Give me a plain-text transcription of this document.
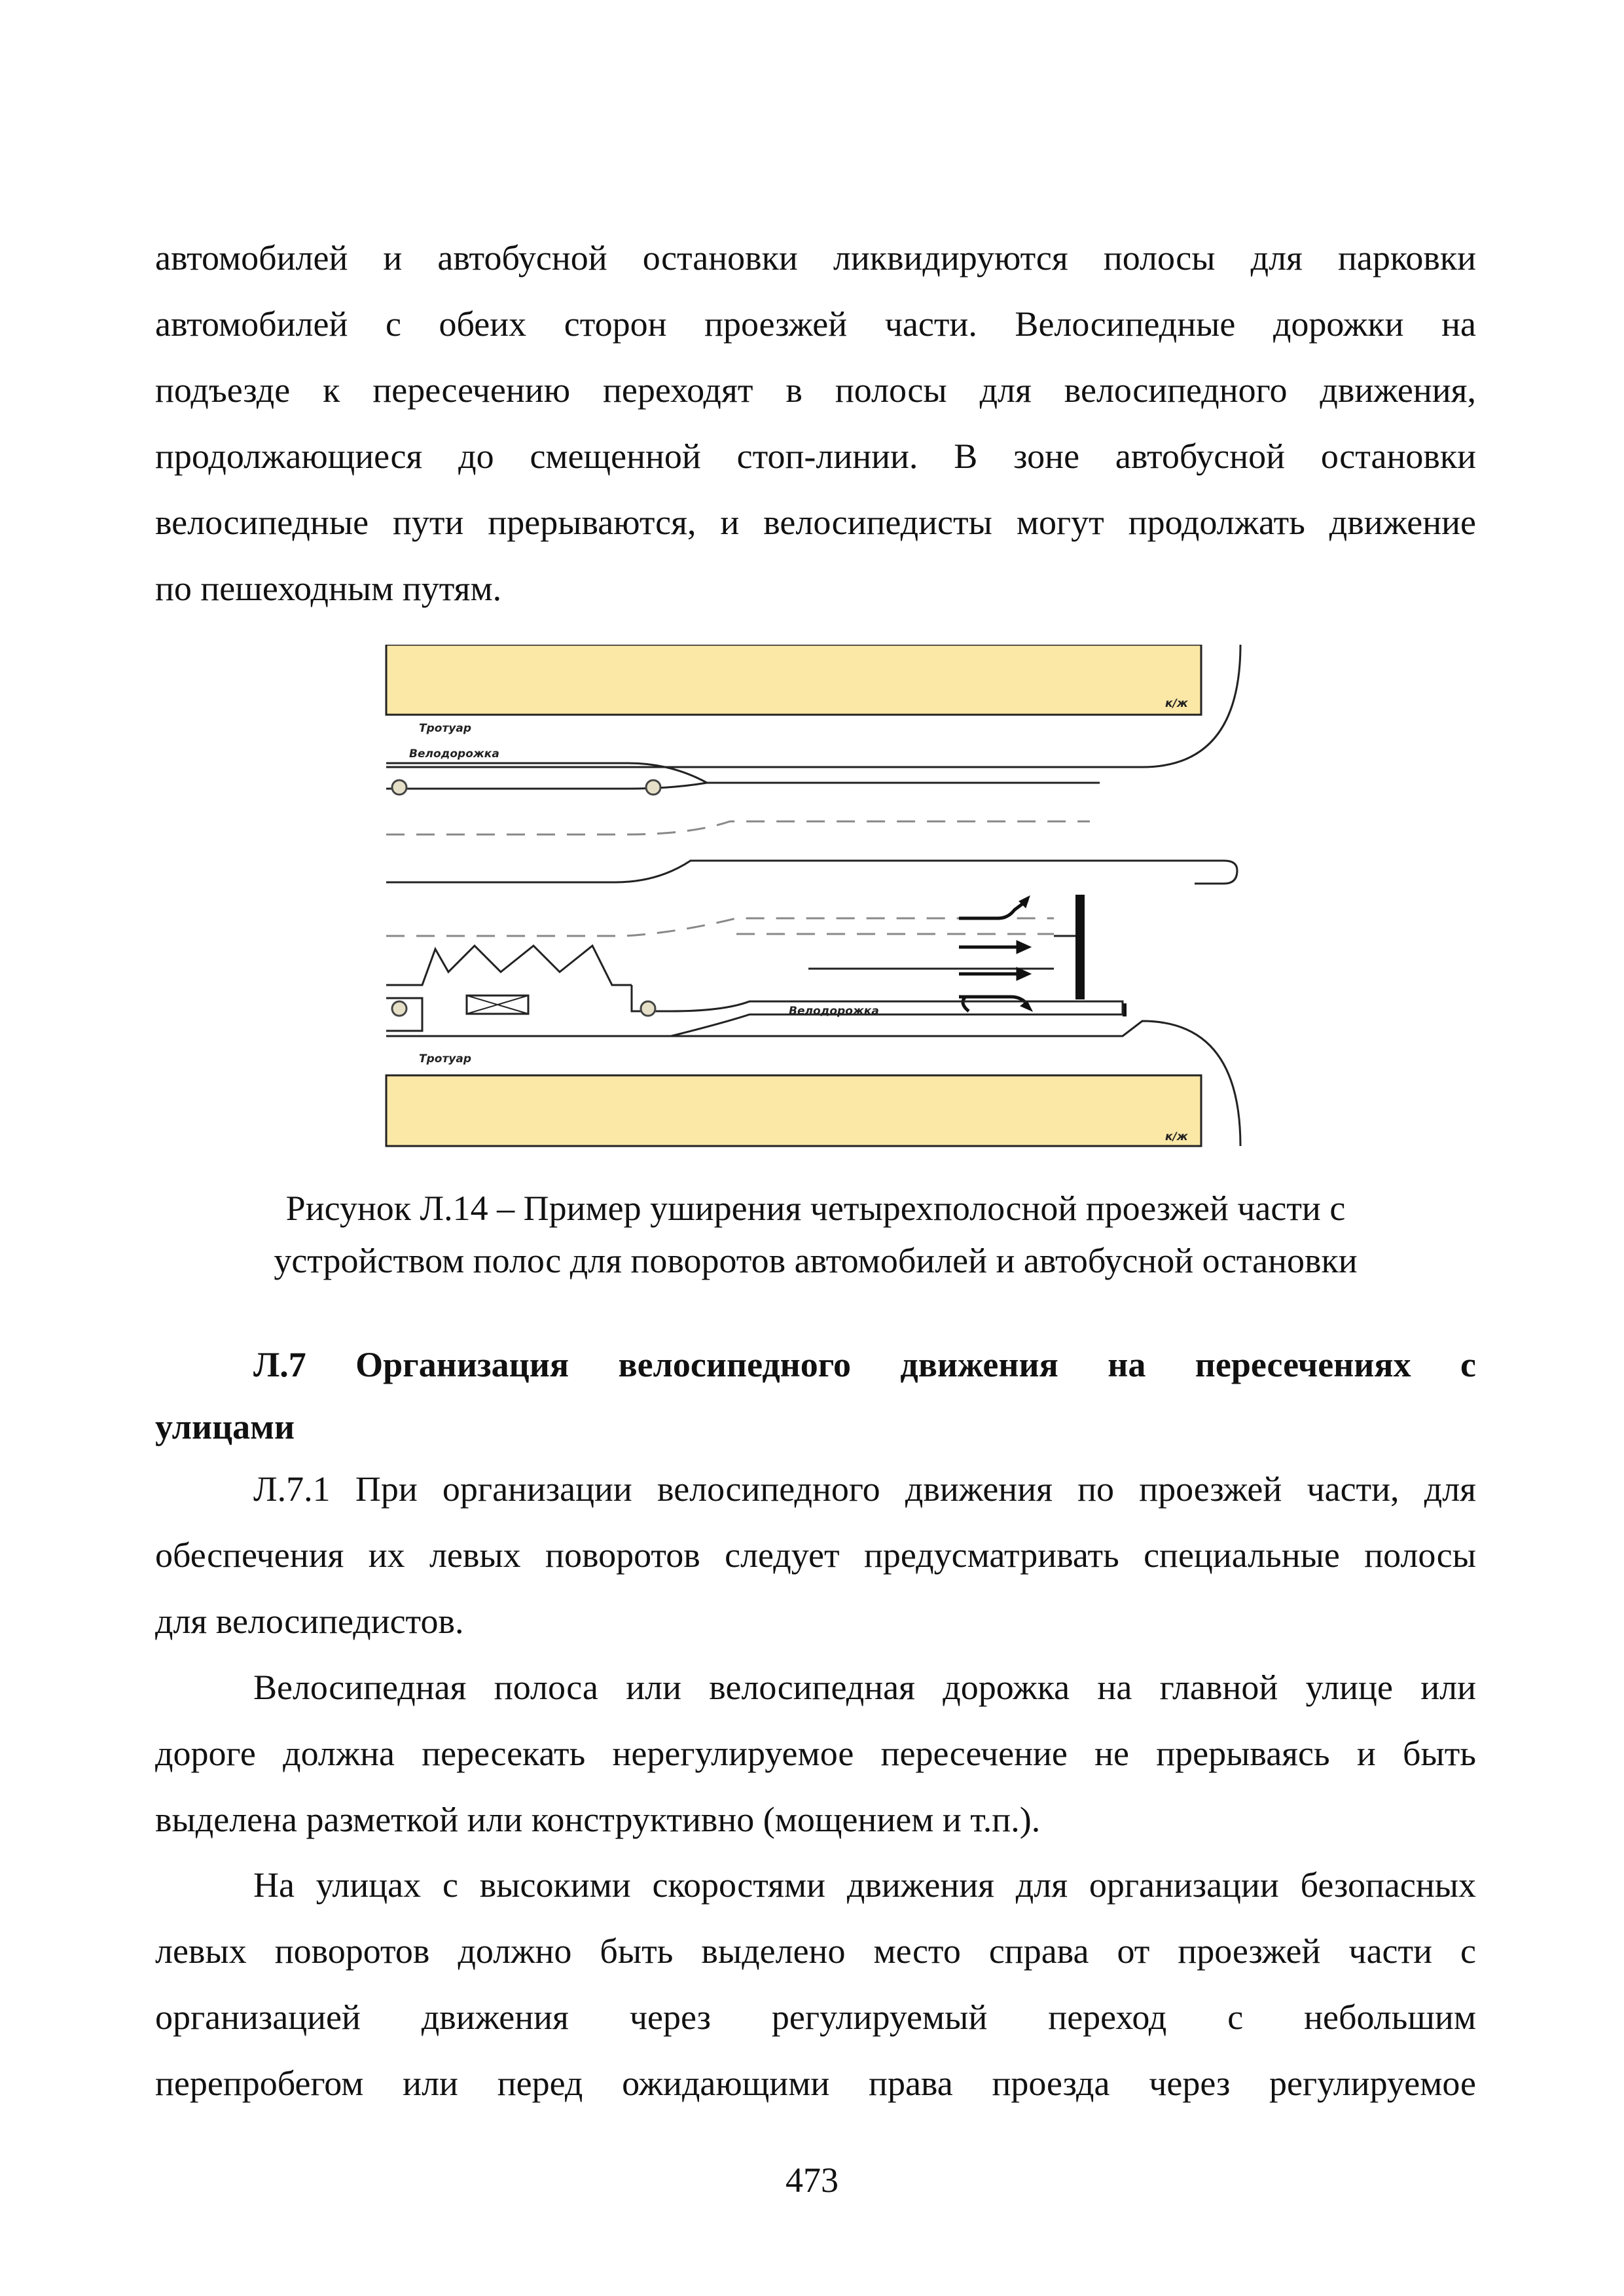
автомобилей и автобусной остановки ликвидируются полосы для парковки
автомобилей с обеих сторон проезжей части. Велосипедные дорожки на
подъезде к пересечению переходят в полосы для велосипедного движения,
продолжающиеся до смещенной стоп-линии. В зоне автобусной остановки
велосипедные пути прерываются, и велосипедисты могут продолжать движение
по пешеходным путям.
Тротуар
Велодорожка
к/ж
Велодорожка
Тротуар
к/ж
Рисунок Л.14 – Пример уширения четырехполосной проезжей части с
устройством полос для поворотов автомобилей и автобусной остановки
Л.7 Организация велосипедного движения на пересечениях с
улицами
Л.7.1 При организации велосипедного движения по проезжей части, для
обеспечения их левых поворотов следует предусматривать специальные полосы
для велосипедистов.
Велосипедная полоса или велосипедная дорожка на главной улице или
дороге должна пересекать нерегулируемое пересечение не прерываясь и быть
выделена разметкой или конструктивно (мощением и т.п.).
На улицах с высокими скоростями движения для организации безопасных
левых поворотов должно быть выделено место справа от проезжей части с
организацией движения через регулируемый переход с небольшим
перепробегом или перед ожидающими права проезда через регулируемое
473
